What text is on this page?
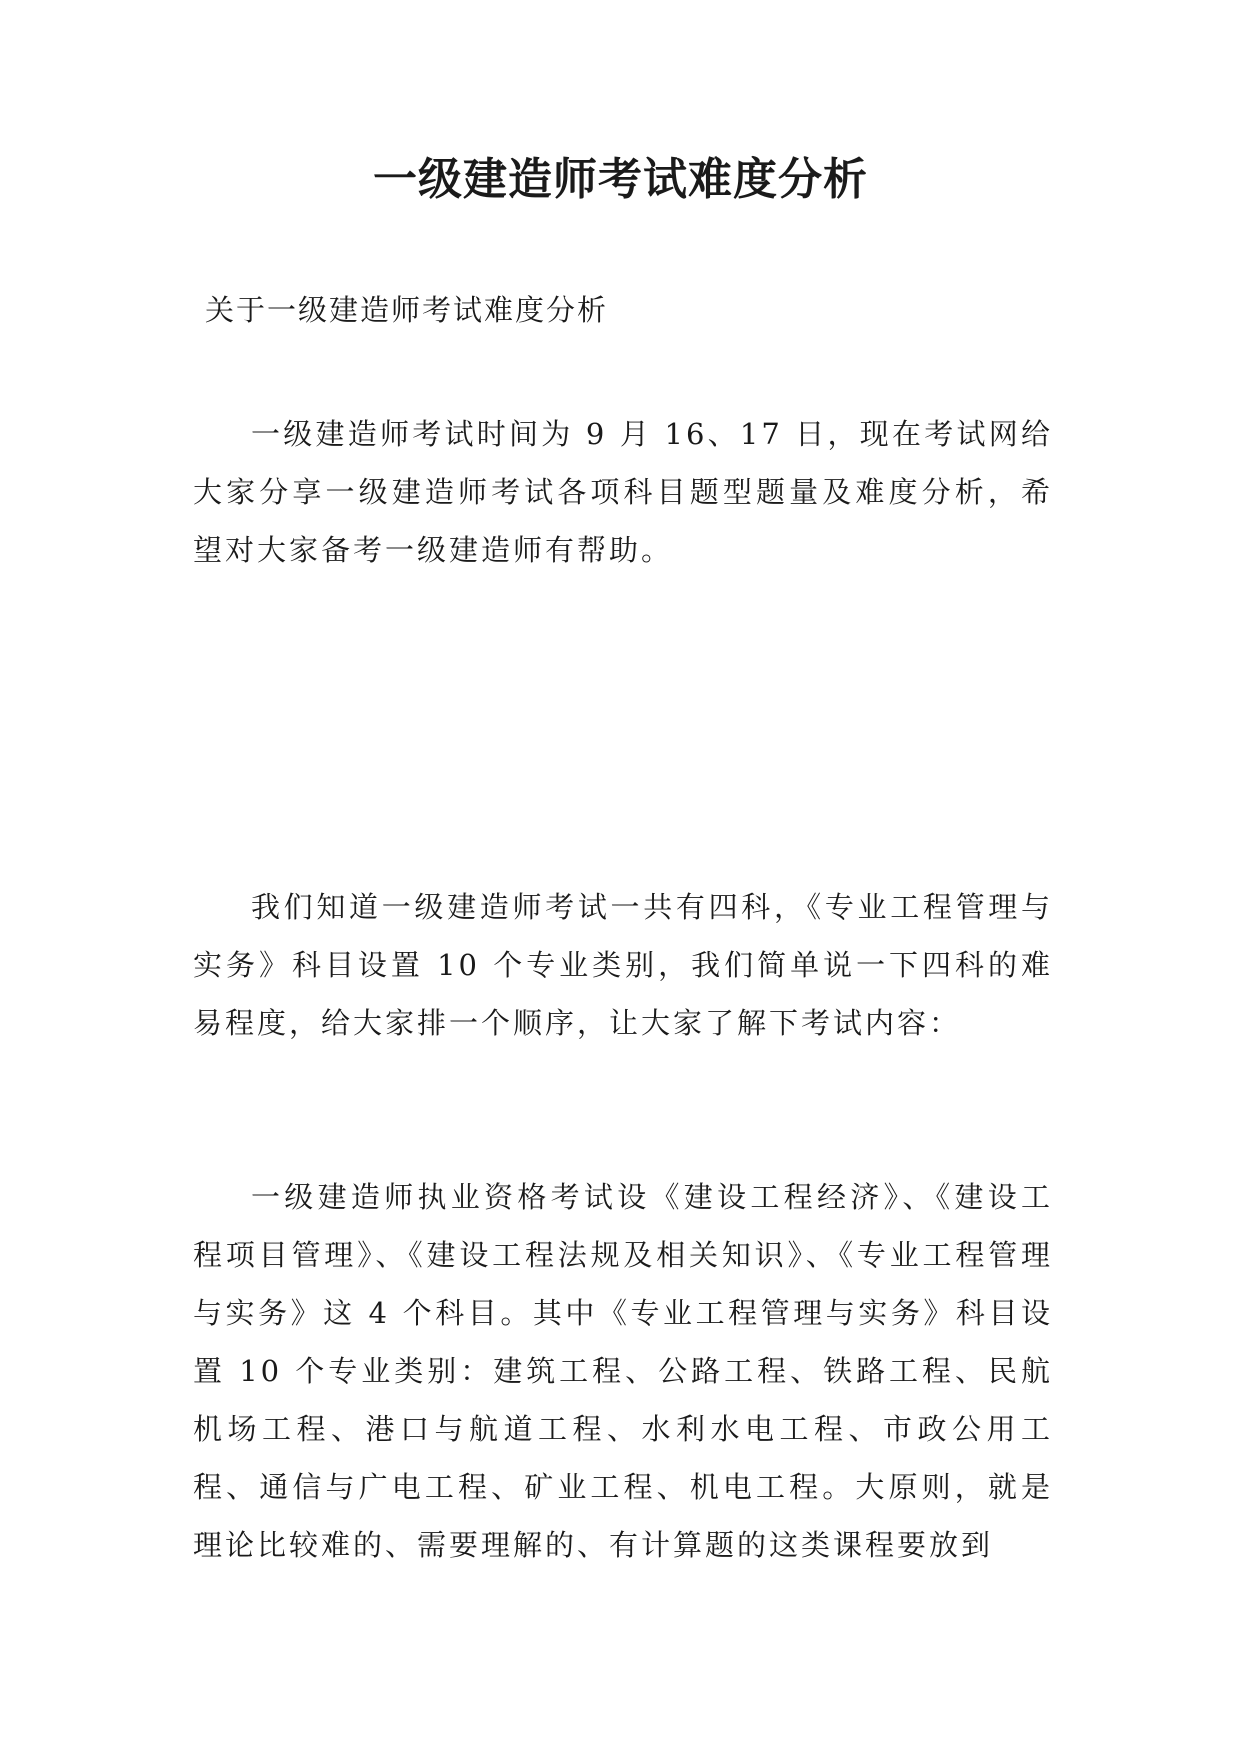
一级建造师考试难度分析
关于一级建造师考试难度分析

一级建造师考试时间为 9 月 16、17 日，现在考试网给大家分享一级建造师考试各项科目题型题量及难度分析，希望对大家备考一级建造师有帮助。

我们知道一级建造师考试一共有四科，《专业工程管理与实务》科目设置 10 个专业类别，我们简单说一下四科的难易程度，给大家排一个顺序，让大家了解下考试内容：

一级建造师执业资格考试设《建设工程经济》、《建设工程项目管理》、《建设工程法规及相关知识》、《专业工程管理与实务》这 4 个科目。其中《专业工程管理与实务》科目设置 10 个专业类别：建筑工程、公路工程、铁路工程、民航机场工程、港口与航道工程、水利水电工程、市政公用工程、通信与广电工程、矿业工程、机电工程。大原则，就是理论比较难的、需要理解的、有计算题的这类课程要放到
